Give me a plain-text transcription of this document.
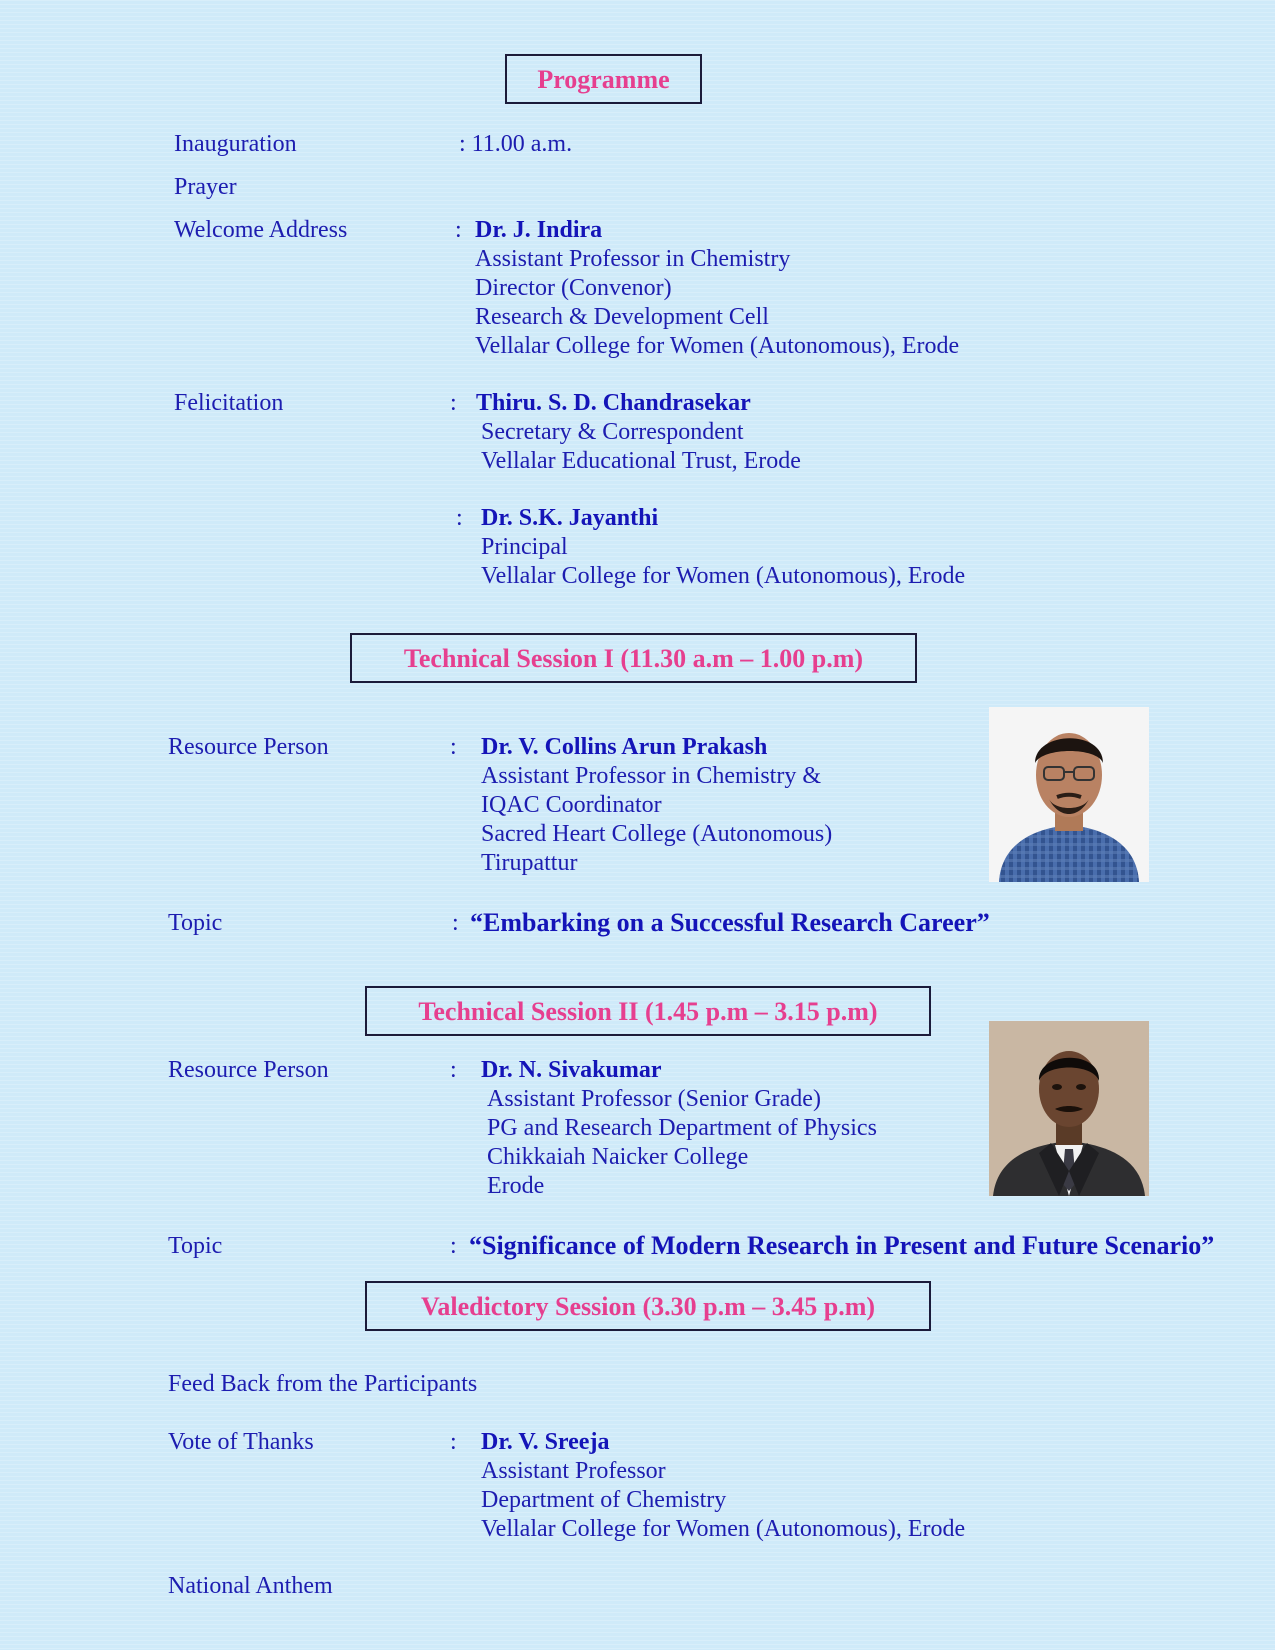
Programme
Inauguration	: 11.00 a.m.
Prayer
Welcome Address	: Dr. J. Indira
Assistant Professor in Chemistry
Director (Convenor)
Research & Development Cell
Vellalar College for Women (Autonomous), Erode
Felicitation	: Thiru. S. D. Chandrasekar
Secretary & Correspondent
Vellalar Educational Trust, Erode
: Dr. S.K. Jayanthi
Principal
Vellalar College for Women (Autonomous), Erode
Technical Session I (11.30 a.m – 1.00 p.m)
Resource Person	: Dr. V. Collins Arun Prakash
Assistant Professor in Chemistry &
IQAC Coordinator
Sacred Heart College (Autonomous)
Tirupattur
Topic	: “Embarking on a Successful Research Career”
Technical Session II (1.45 p.m – 3.15 p.m)
Resource Person	: Dr. N. Sivakumar
Assistant Professor (Senior Grade)
PG and Research Department of Physics
Chikkaiah Naicker College
Erode
Topic	: “Significance of Modern Research in Present and Future Scenario”
Valedictory Session (3.30 p.m – 3.45 p.m)
Feed Back from the Participants
Vote of Thanks	: Dr. V. Sreeja
Assistant Professor
Department of Chemistry
Vellalar College for Women (Autonomous), Erode
National Anthem
